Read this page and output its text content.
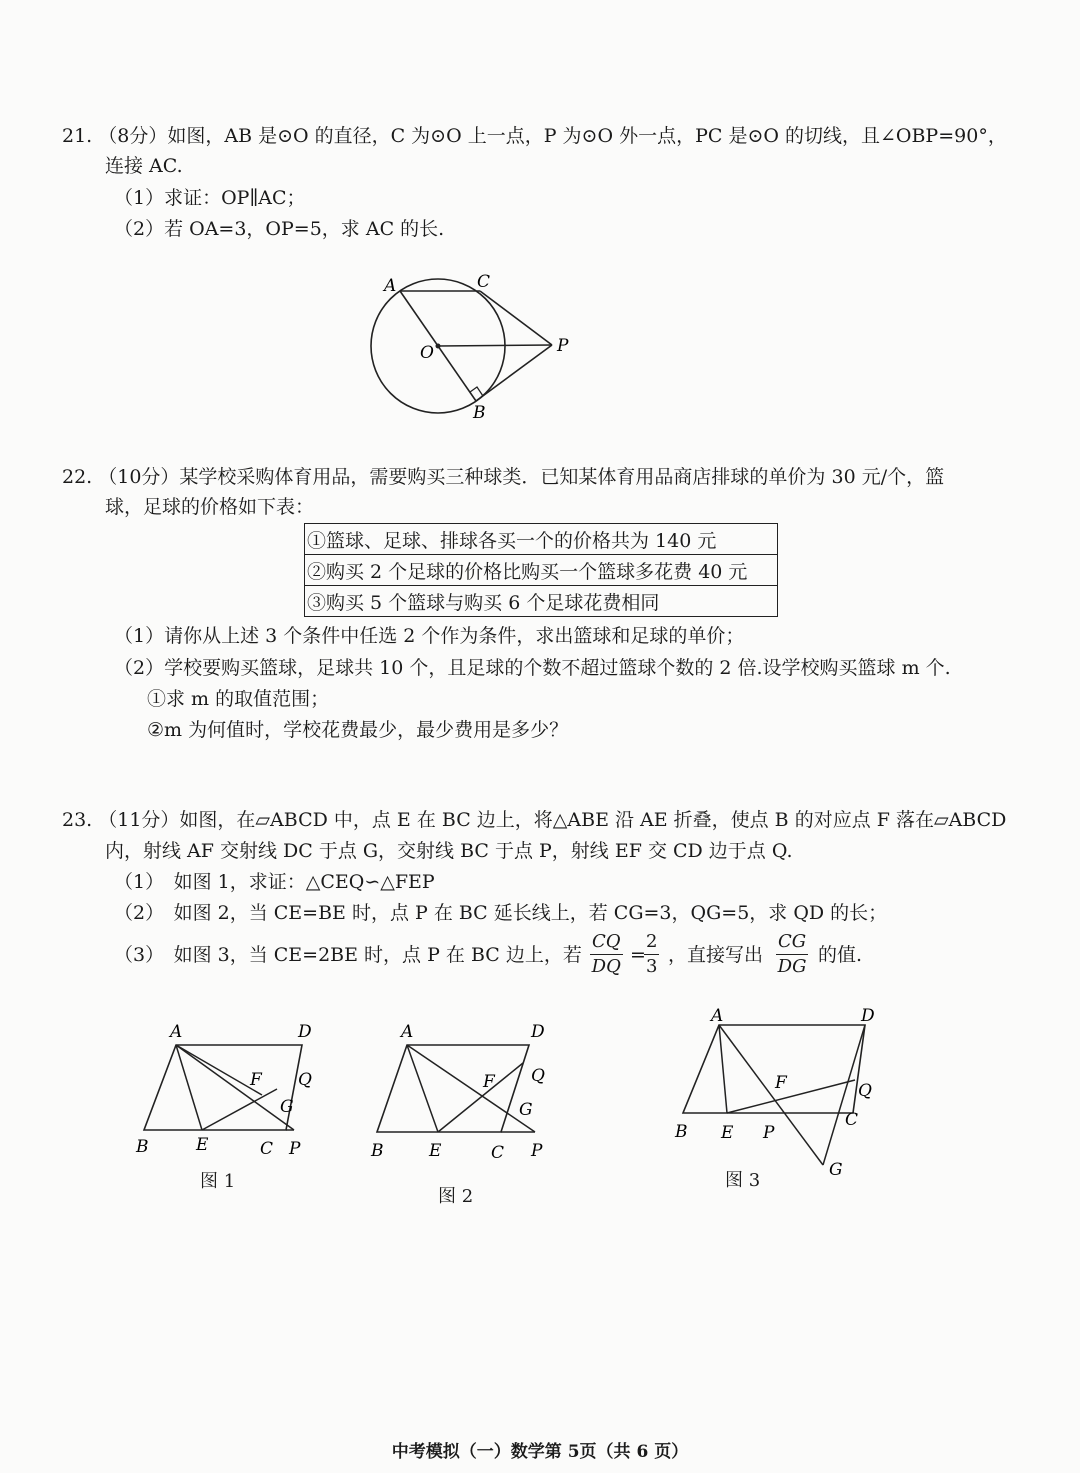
21. （8分）如图，AB 是⊙O 的直径，C 为⊙O 上一点，P 为⊙O 外一点，PC 是⊙O 的切线，且∠OBP=90°，
连接 AC.
（1）求证：OP∥AC；
（2）若 OA=3，OP=5，求 AC 的长.
A	C
O	P
B
22. （10分）某学校采购体育用品，需要购买三种球类．已知某体育用品商店排球的单价为 30 元/个，篮
球，足球的价格如下表：
①篮球、足球、排球各买一个的价格共为 140 元
②购买 2 个足球的价格比购买一个篮球多花费 40 元
③购买 5 个篮球与购买 6 个足球花费相同
（1）请你从上述 3 个条件中任选 2 个作为条件，求出篮球和足球的单价；
（2）学校要购买篮球，足球共 10 个，且足球的个数不超过篮球个数的 2 倍.设学校购买篮球 m 个.
①求 m 的取值范围；
②m 为何值时，学校花费最少，最少费用是多少？
23. （11分）如图，在▱ABCD 中，点 E 在 BC 边上，将△ABE 沿 AE 折叠，使点 B 的对应点 F 落在▱ABCD
内，射线 AF 交射线 DC 于点 G，交射线 BC 于点 P，射线 EF 交 CD 边于点 Q.
（1）　如图 1，求证：△CEQ∽△FEP
（2）　如图 2，当 CE=BE 时，点 P 在 BC 延长线上，若 CG=3，QG=5，求 QD 的长；
（3）　如图 3，当 CE=2BE 时，点 P 在 BC 边上，若 $\frac{CQ}{DQ}$ =
$\frac{2}{3}$ ，直接写出 $\frac{CG}{DG}$ 的值.
A	D
F Q
G
B	E	C P
图 1
A	D
F Q
G
B	E	C P
图 2
A	D
F	Q
C
B E P
G
图 3
中考模拟（一）数学第 5页（共 6 页）
